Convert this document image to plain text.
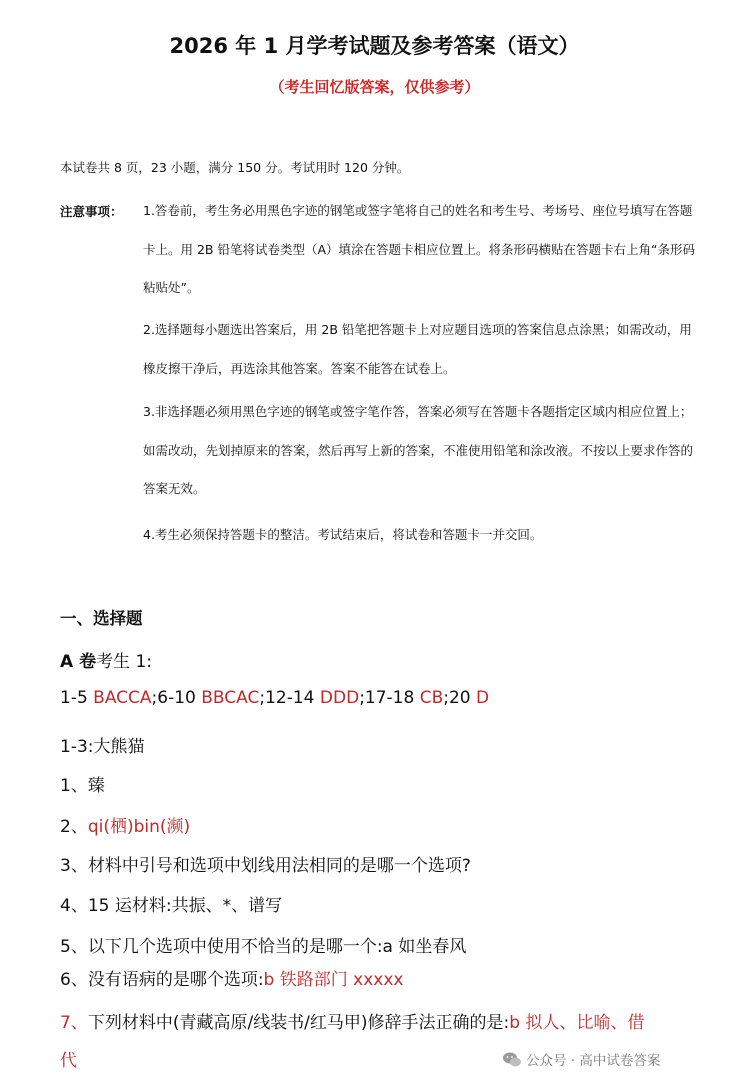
2026 年 1 月学考试题及参考答案（语文）
（考生回忆版答案，仅供参考）
本试卷共 8 页，23 小题，满分 150 分。考试用时 120 分钟。
注意事项： 1.答卷前，考生务必用黑色字迹的钢笔或签字笔将自己的姓名和考生号、考场号、座位号填写在答题卡上。用 2B 铅笔将试卷类型（A）填涂在答题卡相应位置上。将条形码横贴在答题卡右上角“条形码粘贴处”。
2.选择题每小题选出答案后，用 2B 铅笔把答题卡上对应题目选项的答案信息点涂黑；如需改动，用橡皮擦干净后，再选涂其他答案。答案不能答在试卷上。
3.非选择题必须用黑色字迹的钢笔或签字笔作答，答案必须写在答题卡各题指定区域内相应位置上；如需改动，先划掉原来的答案，然后再写上新的答案，不准使用铅笔和涂改液。不按以上要求作答的答案无效。
4.考生必须保持答题卡的整洁。考试结束后，将试卷和答题卡一并交回。
一、选择题
A 卷考生 1:
1-5 BACCA;6-10 BBCAC;12-14 DDD;17-18 CB;20 D
1-3:大熊猫
1、臻
2、qi(栖)bin(濒)
3、材料中引号和选项中划线用法相同的是哪一个选项?
4、15 运材料:共振、*、谱写
5、以下几个选项中使用不恰当的是哪一个:a 如坐春风
6、没有语病的是哪个选项:b 铁路部门 xxxxx
7、下列材料中(青藏高原/线装书/红马甲)修辞手法正确的是:b 拟人、比喻、借
代	公众号 · 高中试卷答案
